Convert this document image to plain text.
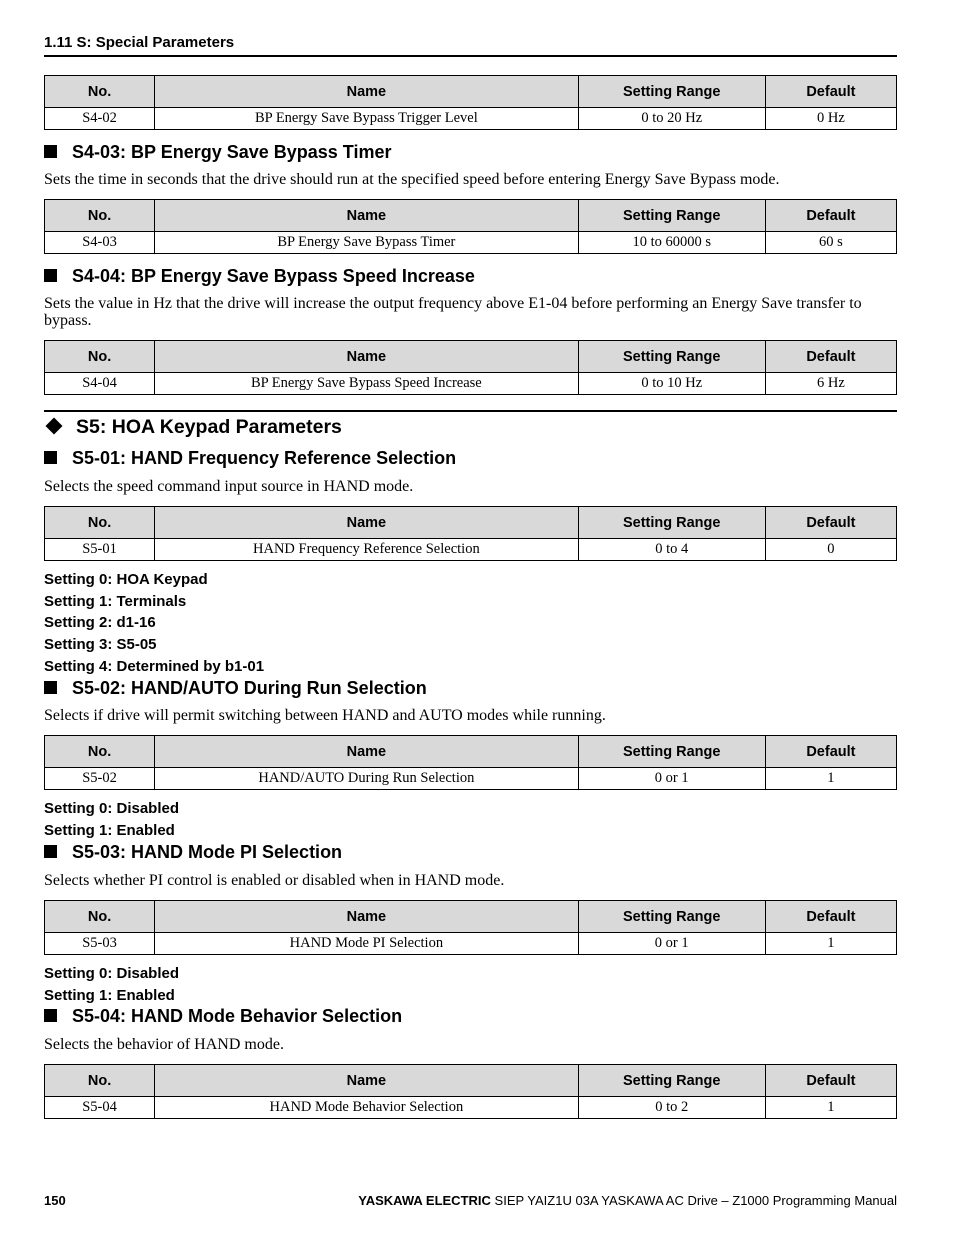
1.11 S: Special Parameters
No.	Name	Setting Range	Default
S4-02	BP Energy Save Bypass Trigger Level	0 to 20 Hz	0 Hz
S4-03: BP Energy Save Bypass Timer
Sets the time in seconds that the drive should run at the specified speed before entering Energy Save Bypass mode.
No.	Name	Setting Range	Default
S4-03	BP Energy Save Bypass Timer	10 to 60000 s	60 s
S4-04: BP Energy Save Bypass Speed Increase
Sets the value in Hz that the drive will increase the output frequency above E1-04 before performing an Energy Save transfer to bypass.
No.	Name	Setting Range	Default
S4-04	BP Energy Save Bypass Speed Increase	0 to 10 Hz	6 Hz
S5: HOA Keypad Parameters
S5-01: HAND Frequency Reference Selection
Selects the speed command input source in HAND mode.
No.	Name	Setting Range	Default
S5-01	HAND Frequency Reference Selection	0 to 4	0
Setting 0: HOA Keypad
Setting 1: Terminals
Setting 2: d1-16
Setting 3: S5-05
Setting 4: Determined by b1-01
S5-02: HAND/AUTO During Run Selection
Selects if drive will permit switching between HAND and AUTO modes while running.
No.	Name	Setting Range	Default
S5-02	HAND/AUTO During Run Selection	0 or 1	1
Setting 0: Disabled
Setting 1: Enabled
S5-03: HAND Mode PI Selection
Selects whether PI control is enabled or disabled when in HAND mode.
No.	Name	Setting Range	Default
S5-03	HAND Mode PI Selection	0 or 1	1
Setting 0: Disabled
Setting 1: Enabled
S5-04: HAND Mode Behavior Selection
Selects the behavior of HAND mode.
No.	Name	Setting Range	Default
S5-04	HAND Mode Behavior Selection	0 to 2	1
150	YASKAWA ELECTRIC SIEP YAIZ1U 03A YASKAWA AC Drive – Z1000 Programming Manual
